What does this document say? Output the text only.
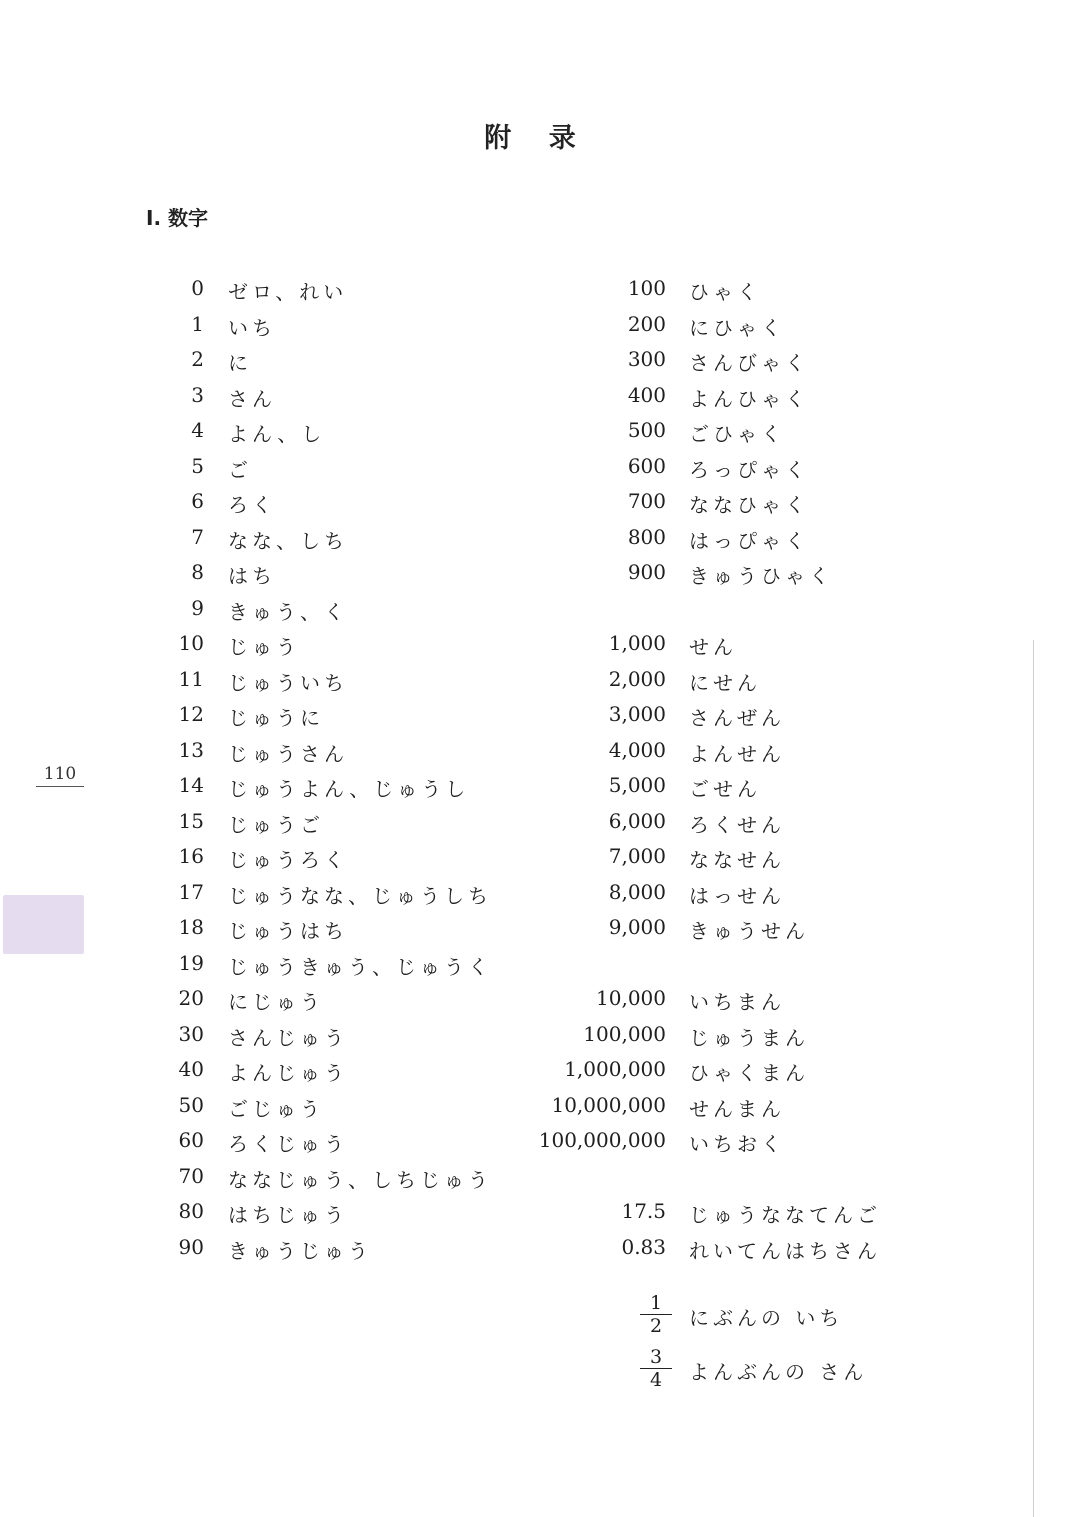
附 录
Ⅰ. 数字
0 ゼロ、れい
1 いち
2 に
3 さん
4 よん、し
5 ご
6 ろく
7 なな、しち
8 はち
9 きゅう、く
10 じゅう
11 じゅういち
12 じゅうに
13 じゅうさん
14 じゅうよん、じゅうし
15 じゅうご
16 じゅうろく
17 じゅうなな、じゅうしち
18 じゅうはち
19 じゅうきゅう、じゅうく
20 にじゅう
30 さんじゅう
40 よんじゅう
50 ごじゅう
60 ろくじゅう
70 ななじゅう、しちじゅう
80 はちじゅう
90 きゅうじゅう
100 ひゃく
200 にひゃく
300 さんびゃく
400 よんひゃく
500 ごひゃく
600 ろっぴゃく
700 ななひゃく
800 はっぴゃく
900 きゅうひゃく
1,000 せん
2,000 にせん
3,000 さんぜん
4,000 よんせん
5,000 ごせん
6,000 ろくせん
7,000 ななせん
8,000 はっせん
9,000 きゅうせん
10,000 いちまん
100,000 じゅうまん
1,000,000 ひゃくまん
10,000,000 せんまん
100,000,000 いちおく
17.5 じゅうななてんご
0.83 れいてんはちさん
$\frac{1}{2}$ にぶんの いち
$\frac{3}{4}$ よんぶんの さん
110
